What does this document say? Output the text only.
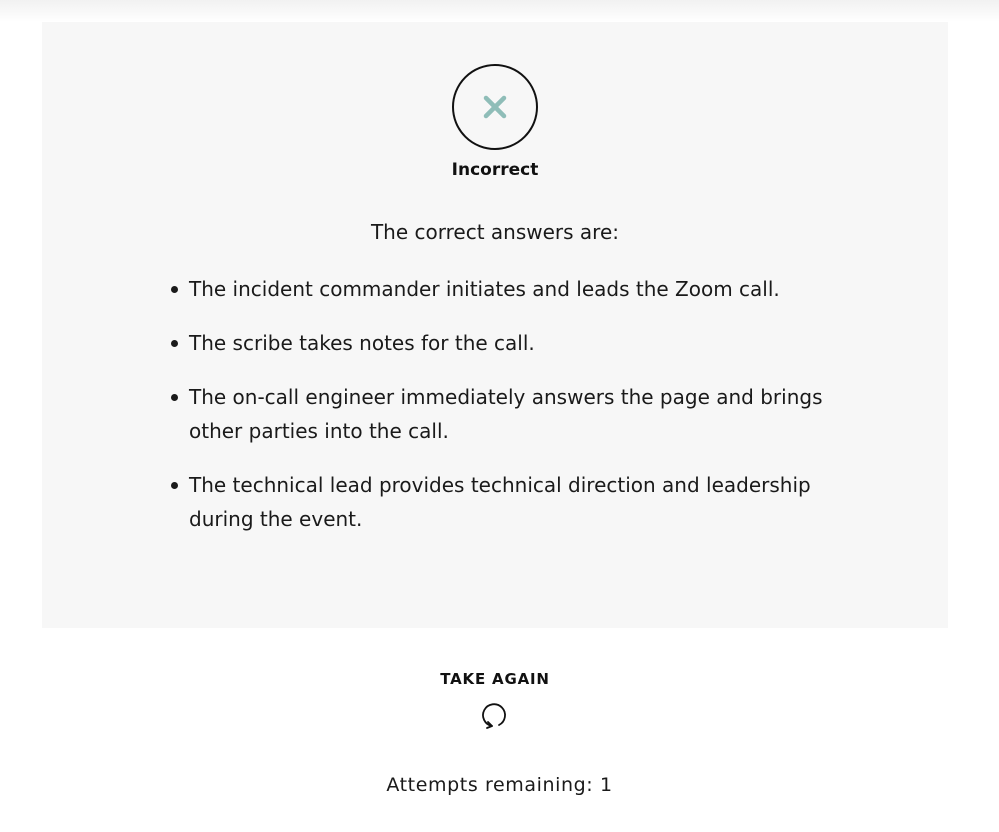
Incorrect
The correct answers are:
The incident commander initiates and leads the Zoom call.
The scribe takes notes for the call.
The on-call engineer immediately answers the page and brings other parties into the call.
The technical lead provides technical direction and leadership during the event.
TAKE AGAIN
Attempts remaining: 1
